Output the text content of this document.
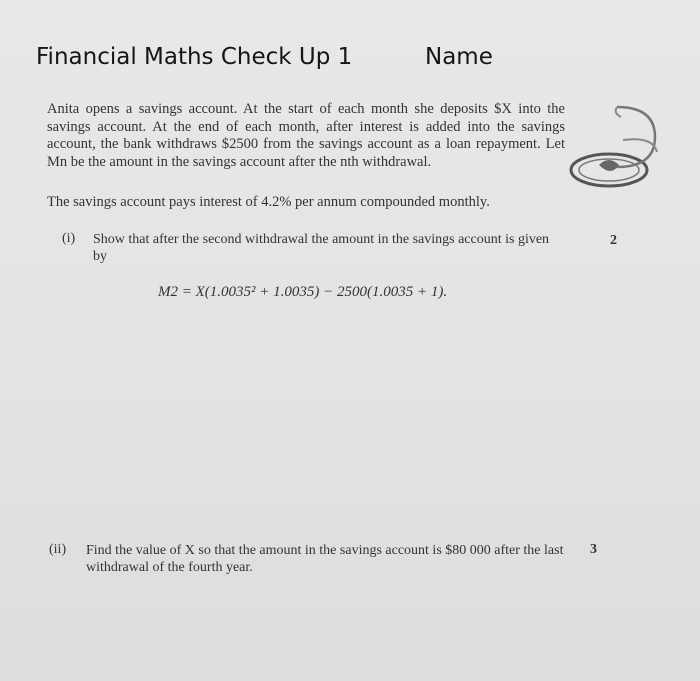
Financial Maths Check Up 1	Name
Anita opens a savings account. At the start of each month she deposits $X into the savings account. At the end of each month, after interest is added into the savings account, the bank withdraws $2500 from the savings account as a loan repayment. Let Mn be the amount in the savings account after the nth withdrawal.
The savings account pays interest of 4.2% per annum compounded monthly.
(i) Show that after the second withdrawal the amount in the savings account is given by
2
M2 = X(1.0035² + 1.0035) − 2500(1.0035 + 1).
(ii) Find the value of X so that the amount in the savings account is $80 000 after the last withdrawal of the fourth year.
3
